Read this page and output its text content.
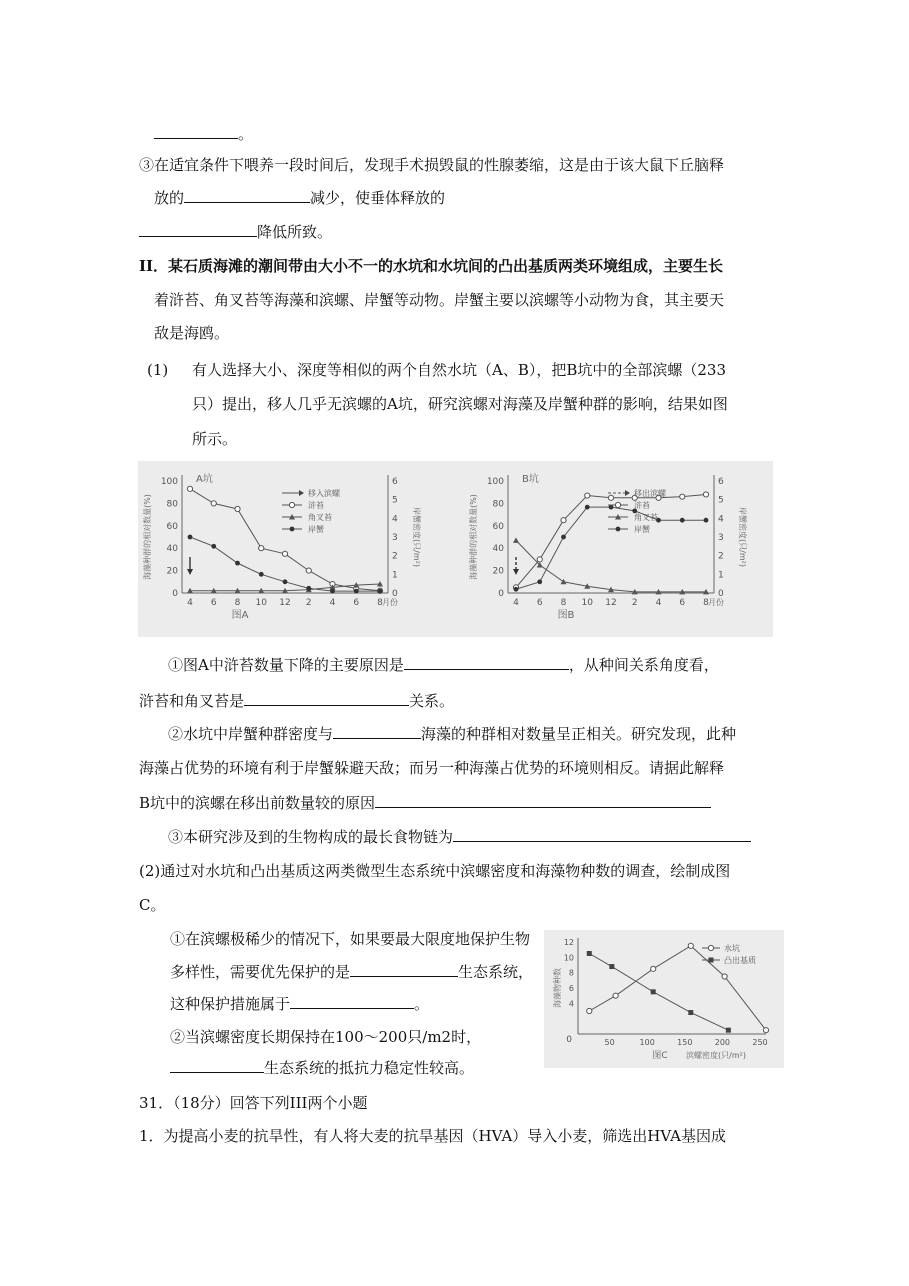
。
③在适宜条件下喂养一段时间后，发现手术损毁鼠的性腺萎缩，这是由于该大鼠下丘脑释
放的	减少，使垂体释放的
降低所致。
II．某石质海滩的潮间带由大小不一的水坑和水坑间的凸出基质两类环境组成，主要生长
着浒苔、角叉苔等海藻和滨螺、岸蟹等动物。岸蟹主要以滨螺等小动物为食，其主要天
敌是海鸥。
(1) 有人选择大小、深度等相似的两个自然水坑（A、B），把B坑中的全部滨螺（233
只）提出，移人几乎无滨螺的A坑，研究滨螺对海藻及岸蟹种群的影响，结果如图
所示。
0
20
40
60
80
100
0
1
2
3
4
5
6
4 6 8 10 12 2 4 6 8 月份
A坑
图A
海藻种群的相对数量(%)	岸蟹密度(只/m²)
移入滨螺
浒苔
角叉苔
岸蟹
0
20
40
60
80
100
0
1
2
3
4
5
6
4 6 8 10 12 2 4 6 8 月份
B坑
图B
海藻种群的相对数量(%)	岸蟹密度(只/m²)
移出滨螺
浒苔
角叉苔
岸蟹
①图A中浒苔数量下降的主要原因是	，从种间关系角度看，
浒苔和角叉苔是	关系。
②水坑中岸蟹种群密度与	海藻的种群相对数量呈正相关。研究发现，此种
海藻占优势的环境有利于岸蟹躲避天敌；而另一种海藻占优势的环境则相反。请据此解释
B坑中的滨螺在移出前数量较的原因
③本研究涉及到的生物构成的最长食物链为
(2)通过对水坑和凸出基质这两类微型生态系统中滨螺密度和海藻物种数的调查，绘制成图
C。
①在滨螺极稀少的情况下，如果要最大限度地保护生物
多样性，需要优先保护的是	生态系统，
这种保护措施属于	。
②当滨螺密度长期保持在100～200只/m2时，
生态系统的抵抗力稳定性较高。
0
4
6
8
10
12
50	100	150	200	250
海藻物种数
滨螺密度(只/m²)
图C
水坑
凸出基质
31．（18分）回答下列III两个小题
1．为提高小麦的抗旱性，有人将大麦的抗旱基因（HVA）导入小麦，筛选出HVA基因成
